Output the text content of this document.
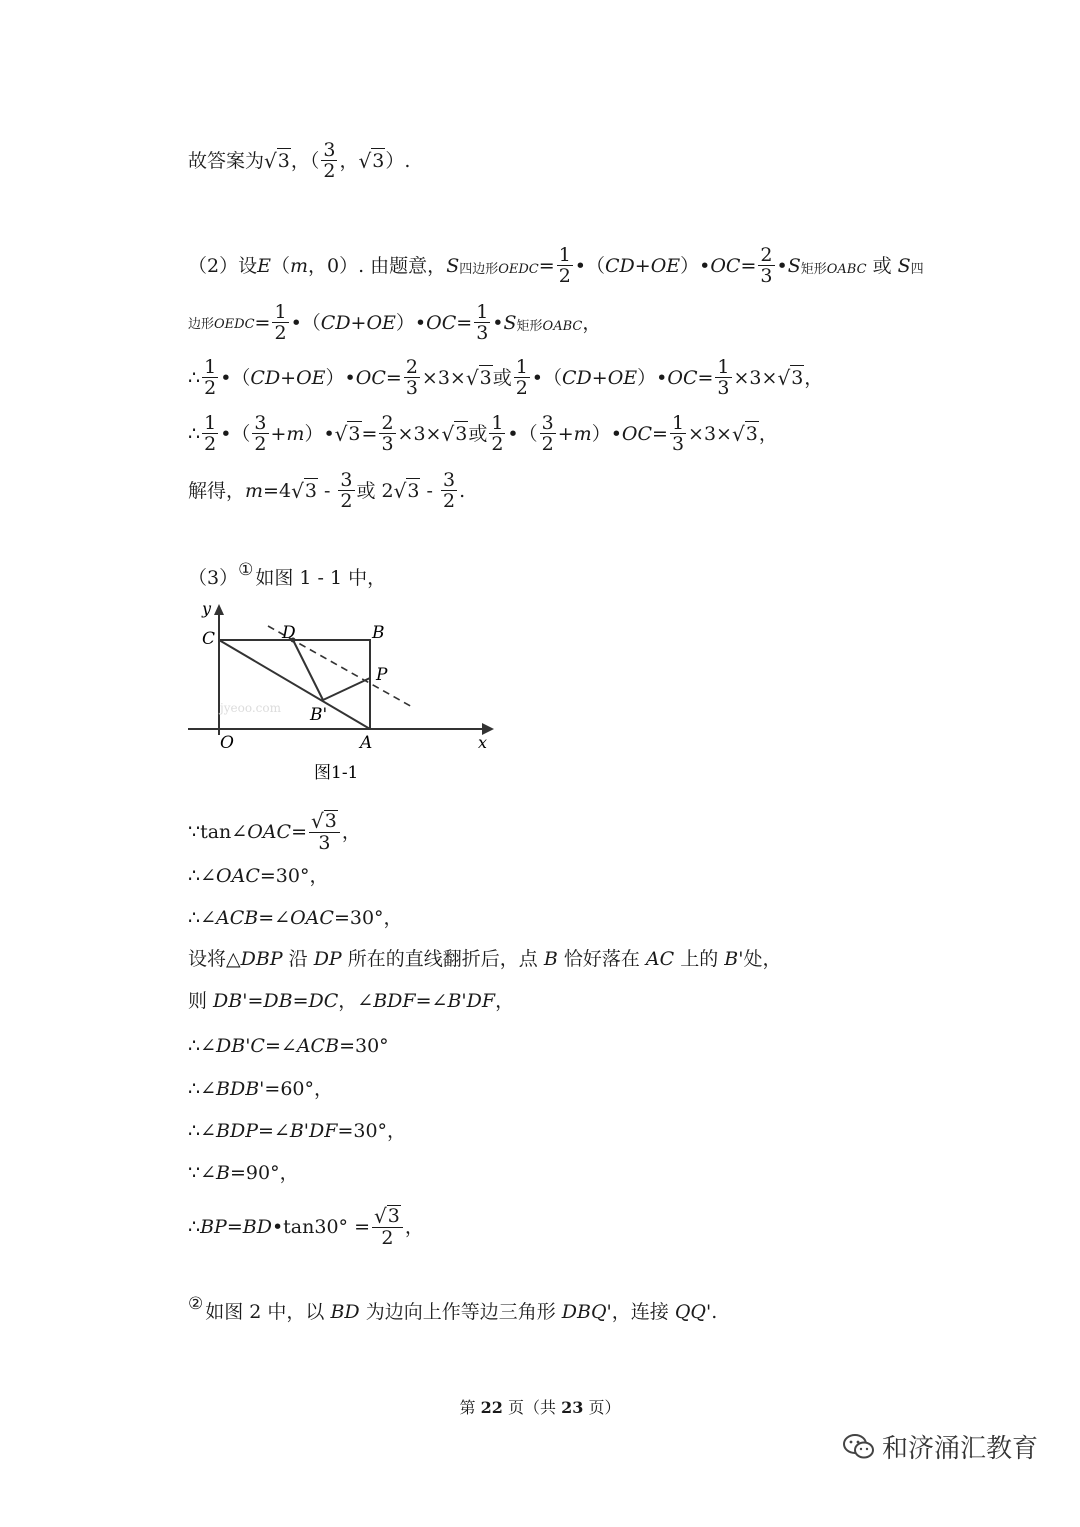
故答案为 √ 3 ，（ $\frac{3}{2}$ ， √ 3 ）.
（2）设 E （ m ，0）. 由题意， S 四边形 OEDC = $\frac{1}{2}$ •（ CD+OE ）• OC = $\frac{2}{3}$ • S 矩形 OABC 或 S 四
边形 OEDC = $\frac{1}{2}$ •（ CD+OE ）• OC = $\frac{1}{3}$ • S 矩形 OABC ，
∴ $\frac{1}{2}$ •（ CD+OE ）• OC = $\frac{2}{3} \times 3\times$ √ 3 或 $\frac{1}{2}$ •（ CD+OE ）• OC = $\frac{1}{3} \times 3\times$ √ 3 ，
∴ $\frac{1}{2}$ •（ $\frac{3}{2} + m$ ）• √ $3 = \frac{2}{3} \times 3\times$ √ 3 或 $\frac{1}{2}$ •（ $\frac{3}{2} + m$ ）• OC = $\frac{1}{3} \times 3\times$ √ 3 ，
解得， m =4 √ $3 - \frac{3}{2}$ 或 2 √ $3 - \frac{3}{2}$ .
（3） ① 如图 1 - 1 中，
y
C	D	B
P
B'
O	A	x
jyeoo.com
图1-1
∵tan∠ OAC = $\frac{√ 3}{3}$ ，
∴∠ OAC =30°，
∴∠ ACB =∠ OAC =30°，
设将△ DBP 沿 DP 所在的直线翻折后，点 B 恰好落在 AC 上的 B' 处，
则 DB' = DB = DC ，∠ BDF =∠ B'DF ，
∴∠ DB'C =∠ ACB =30°
∴∠ BDB' =60°，
∴∠ BDP =∠ B'DF =30°，
∵∠ B =90°，
∴ BP = BD •tan30° = $\frac{√ 3}{2}$ ，
② 如图 2 中，以 BD 为边向上作等边三角形 DBQ' ，连接 QQ' .
第 22 页（共 23 页）
和济涌汇教育
